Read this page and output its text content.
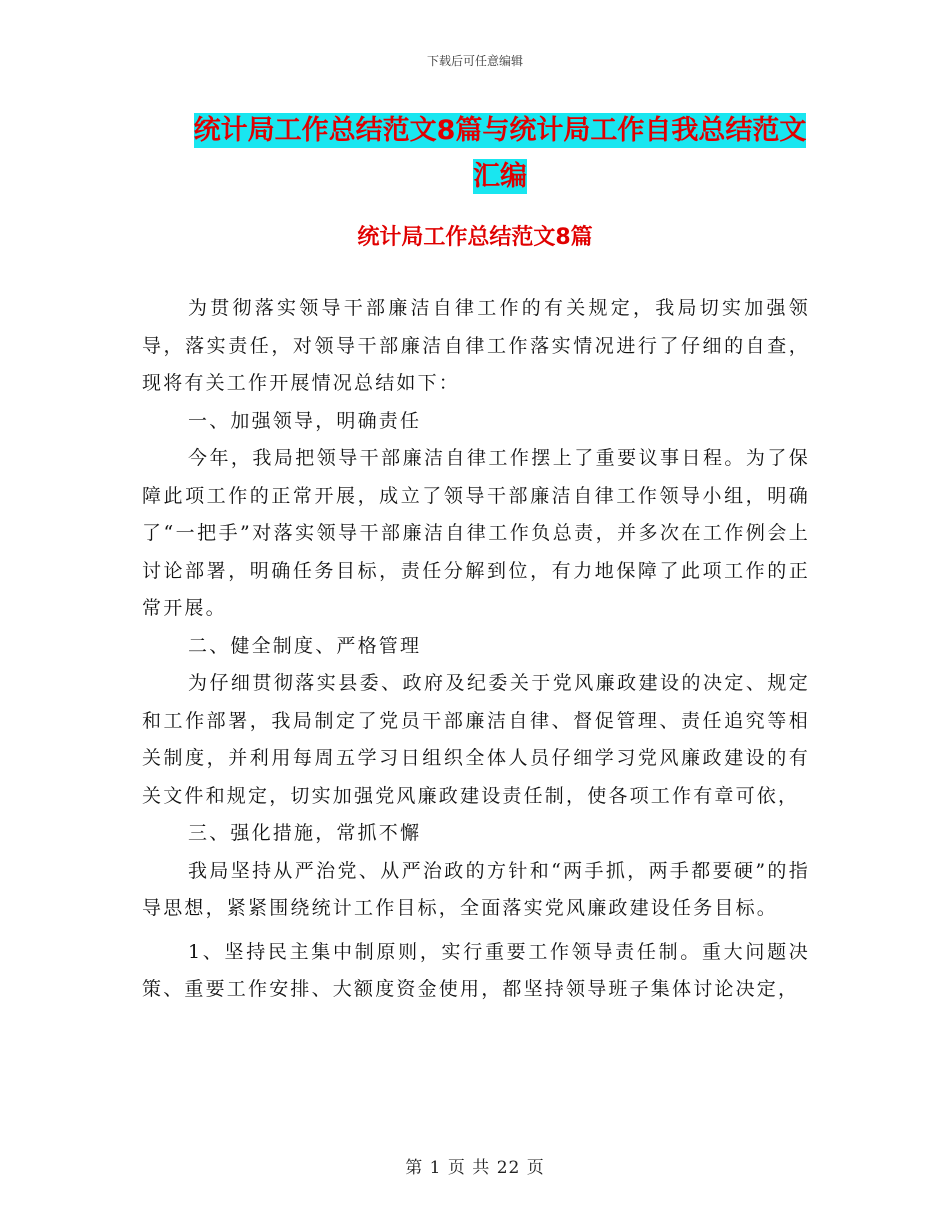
下载后可任意编辑
统计局工作总结范文8篇与统计局工作自我总结范文
汇编
统计局工作总结范文8篇

为贯彻落实领导干部廉洁自律工作的有关规定，我局切实加强领导，落实责任，对领导干部廉洁自律工作落实情况进行了仔细的自查，现将有关工作开展情况总结如下：

一、加强领导，明确责任

今年，我局把领导干部廉洁自律工作摆上了重要议事日程。为了保障此项工作的正常开展，成立了领导干部廉洁自律工作领导小组，明确了“一把手”对落实领导干部廉洁自律工作负总责，并多次在工作例会上讨论部署，明确任务目标，责任分解到位，有力地保障了此项工作的正常开展。

二、健全制度、严格管理

为仔细贯彻落实县委、政府及纪委关于党风廉政建设的决定、规定和工作部署，我局制定了党员干部廉洁自律、督促管理、责任追究等相关制度，并利用每周五学习日组织全体人员仔细学习党风廉政建设的有关文件和规定，切实加强党风廉政建设责任制，使各项工作有章可依，

三、强化措施，常抓不懈

我局坚持从严治党、从严治政的方针和“两手抓，两手都要硬”的指导思想，紧紧围绕统计工作目标，全面落实党风廉政建设任务目标。

1、坚持民主集中制原则，实行重要工作领导责任制。重大问题决策、重要工作安排、大额度资金使用，都坚持领导班子集体讨论决定，

第 1 页 共 22 页
